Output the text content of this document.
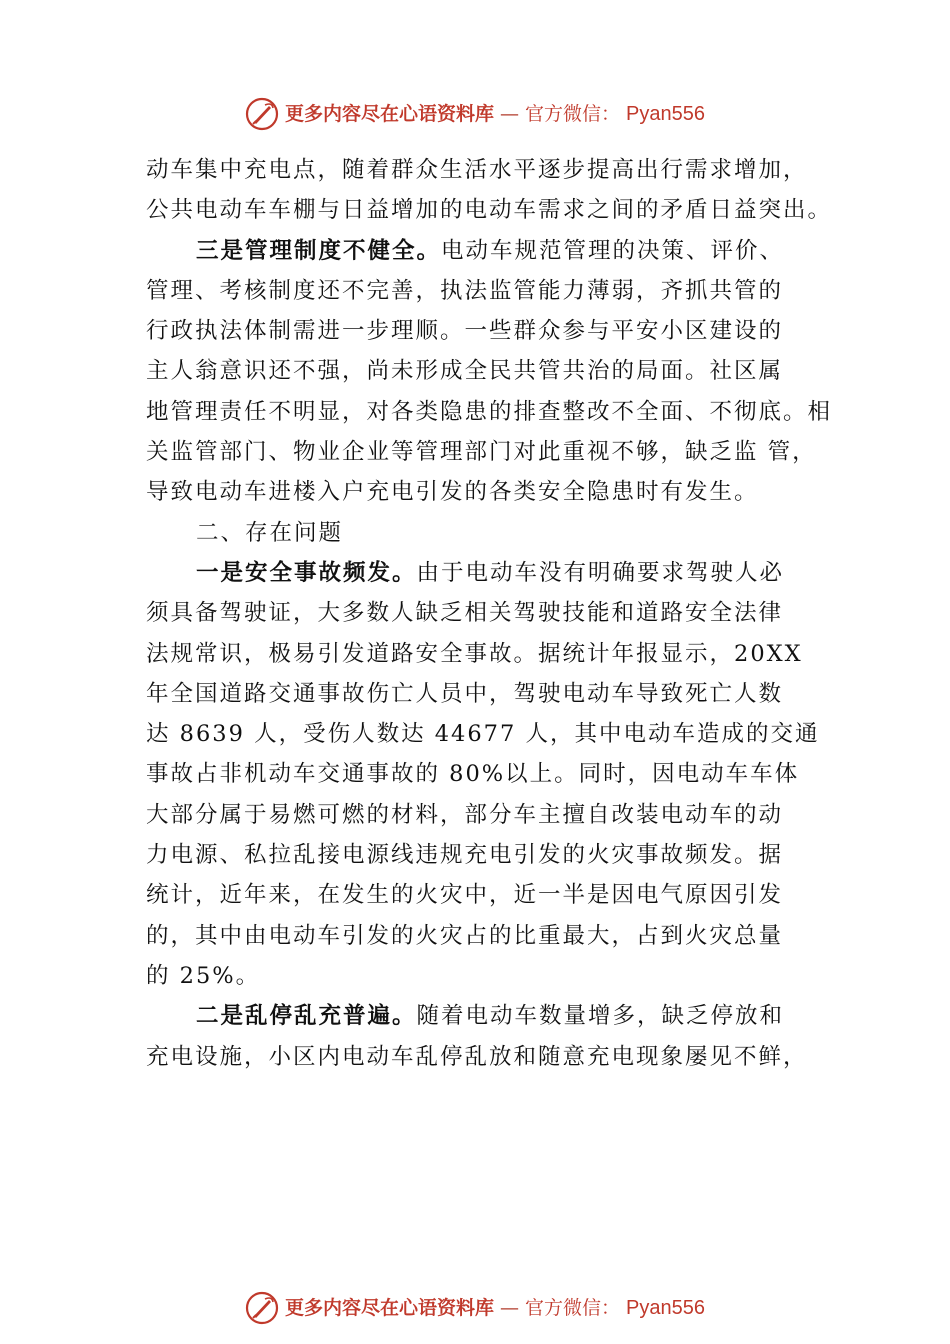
更多内容尽在心语资料库 — 官方微信： Pyan556
动车集中充电点，随着群众生活水平逐步提高出行需求增加，
公共电动车车棚与日益增加的电动车需求之间的矛盾日益突出。
三是管理制度不健全。电动车规范管理的决策、评价、
管理、考核制度还不完善，执法监管能力薄弱，齐抓共管的
行政执法体制需进一步理顺。一些群众参与平安小区建设的
主人翁意识还不强，尚未形成全民共管共治的局面。社区属
地管理责任不明显，对各类隐患的排查整改不全面、不彻底。相
关监管部门、物业企业等管理部门对此重视不够，缺乏监 管，
导致电动车进楼入户充电引发的各类安全隐患时有发生。
二、存在问题
一是安全事故频发。由于电动车没有明确要求驾驶人必
须具备驾驶证，大多数人缺乏相关驾驶技能和道路安全法律
法规常识，极易引发道路安全事故。据统计年报显示，20XX
年全国道路交通事故伤亡人员中，驾驶电动车导致死亡人数
达 8639 人，受伤人数达 44677 人，其中电动车造成的交通
事故占非机动车交通事故的 80%以上。同时，因电动车车体
大部分属于易燃可燃的材料，部分车主擅自改装电动车的动
力电源、私拉乱接电源线违规充电引发的火灾事故频发。据
统计，近年来，在发生的火灾中，近一半是因电气原因引发
的，其中由电动车引发的火灾占的比重最大，占到火灾总量
的 25%。
二是乱停乱充普遍。随着电动车数量增多，缺乏停放和
充电设施，小区内电动车乱停乱放和随意充电现象屡见不鲜，
更多内容尽在心语资料库 — 官方微信： Pyan556
